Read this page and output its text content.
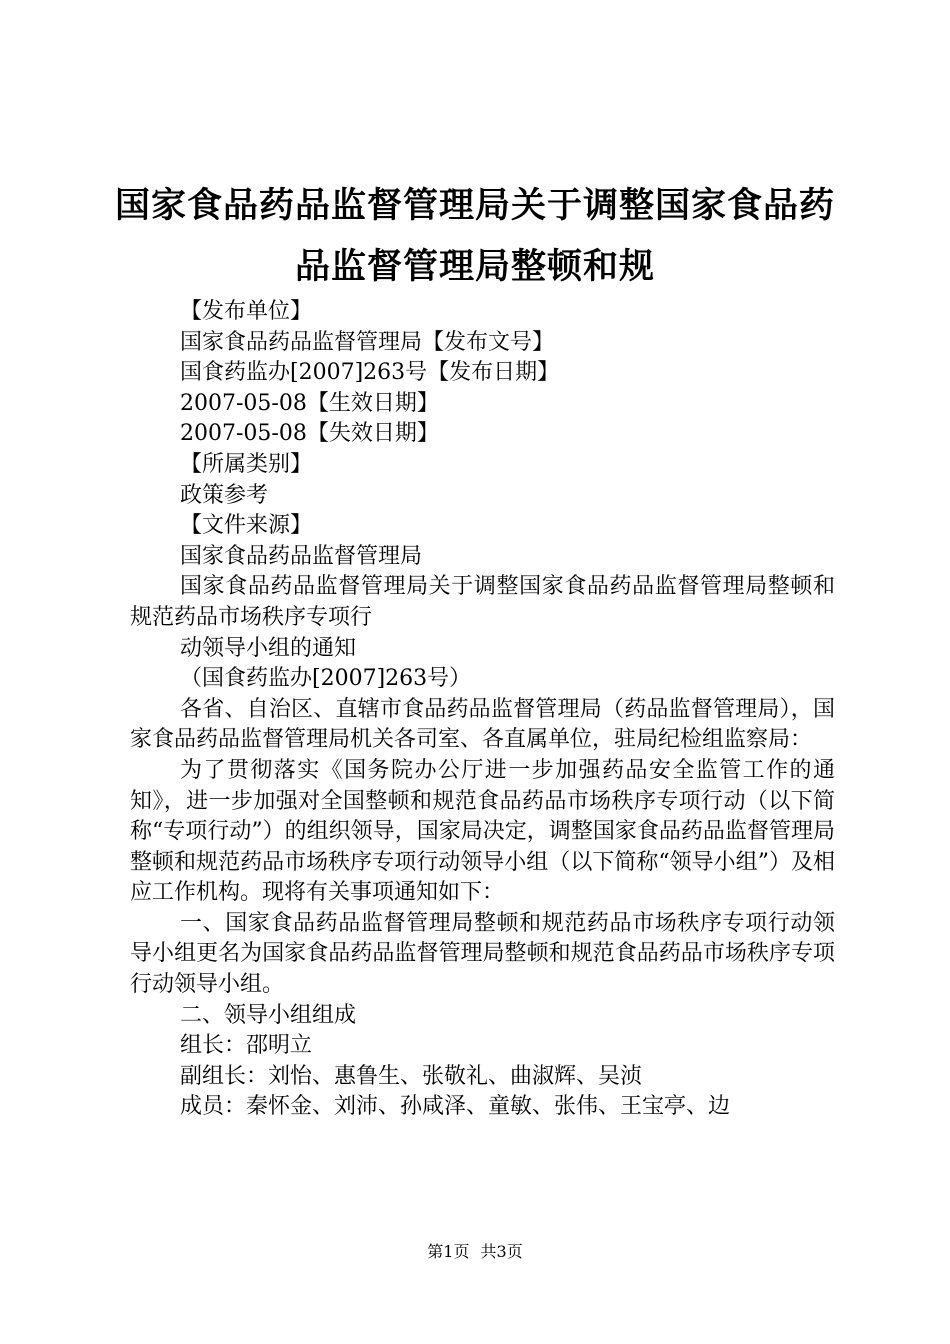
国家食品药品监督管理局关于调整国家食品药
品监督管理局整顿和规

【发布单位】

国家食品药品监督管理局【发布文号】

国食药监办[2007]263号【发布日期】

2007-05-08【生效日期】

2007-05-08【失效日期】

【所属类别】

政策参考

【文件来源】

国家食品药品监督管理局

国家食品药品监督管理局关于调整国家食品药品监督管理局整顿和规范药品市场秩序专项行

动领导小组的通知

（国食药监办[2007]263号）

各省、自治区、直辖市食品药品监督管理局（药品监督管理局），国家食品药品监督管理局机关各司室、各直属单位，驻局纪检组监察局：

为了贯彻落实《国务院办公厅进一步加强药品安全监管工作的通知》，进一步加强对全国整顿和规范食品药品市场秩序专项行动（以下简称“专项行动”）的组织领导，国家局决定，调整国家食品药品监督管理局整顿和规范药品市场秩序专项行动领导小组（以下简称“领导小组”）及相应工作机构。现将有关事项通知如下：

一、国家食品药品监督管理局整顿和规范药品市场秩序专项行动领导小组更名为国家食品药品监督管理局整顿和规范食品药品市场秩序专项行动领导小组。

二、领导小组组成

组长：邵明立

副组长：刘怡、惠鲁生、张敬礼、曲淑辉、吴浈

成员：秦怀金、刘沛、孙咸泽、童敏、张伟、王宝亭、边

第1页 共3页
